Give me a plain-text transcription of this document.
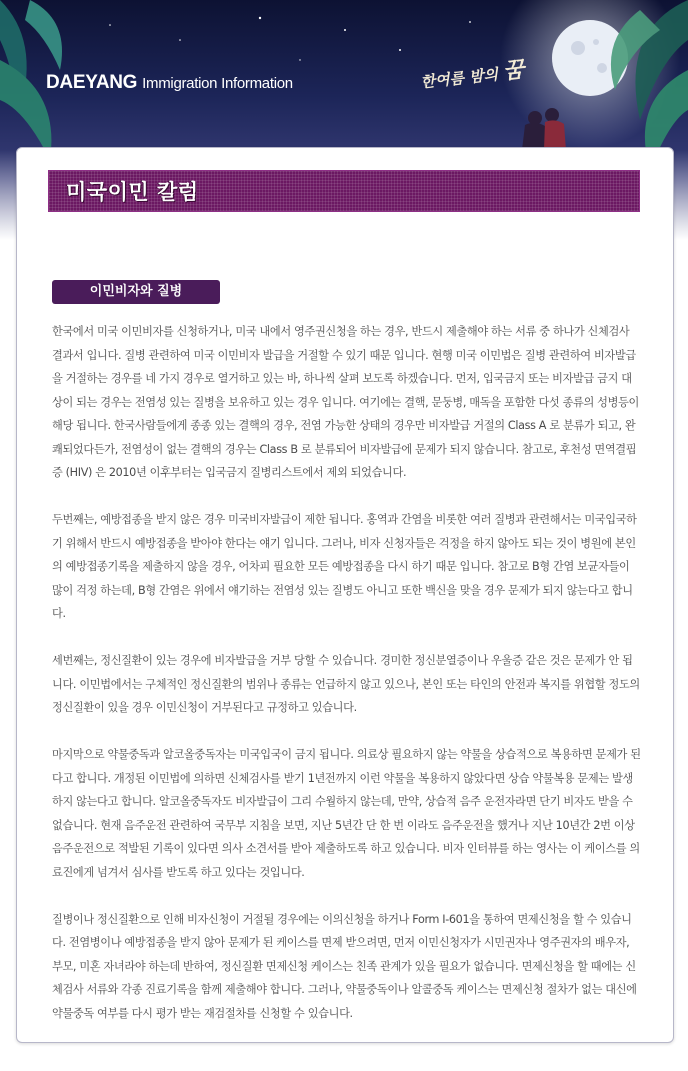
DAEYANG Immigration Information	한여름 밤의 꿈
미국이민 칼럼
이민비자와 질병

한국에서 미국 이민비자를 신청하거나, 미국 내에서 영주권신청을 하는 경우, 반드시 제출해야 하는 서류 중 하나가 신체검사 결과서 입니다. 질병 관련하여 미국 이민비자 발급을 거절할 수 있기 때문 입니다. 현행 미국 이민법은 질병 관련하여 비자발급을 거절하는 경우를 네 가지 경우로 열거하고 있는 바, 하나씩 살펴 보도록 하겠습니다. 먼저, 입국금지 또는 비자발급 금지 대상이 되는 경우는 전염성 있는 질병을 보유하고 있는 경우 입니다. 여기에는 결핵, 문둥병, 매독을 포함한 다섯 종류의 성병등이 해당 됩니다. 한국사람들에게 종종 있는 결핵의 경우, 전염 가능한 상태의 경우만 비자발급 거절의 Class A 로 분류가 되고, 완쾌되었다든가, 전염성이 없는 결핵의 경우는 Class B 로 분류되어 비자발급에 문제가 되지 않습니다. 참고로, 후천성 면역결핍증 (HIV) 은 2010년 이후부터는 입국금지 질병리스트에서 제외 되었습니다.

두번째는, 예방접종을 받지 않은 경우 미국비자발급이 제한 됩니다. 홍역과 간염을 비롯한 여러 질병과 관련해서는 미국입국하기 위해서 반드시 예방접종을 받아야 한다는 얘기 입니다. 그러나, 비자 신청자들은 걱정을 하지 않아도 되는 것이 병원에 본인의 예방접종기록을 제출하지 않을 경우, 어차피 필요한 모든 예방접종을 다시 하기 때문 입니다. 참고로 B형 간염 보균자들이 많이 걱정 하는데, B형 간염은 위에서 얘기하는 전염성 있는 질병도 아니고 또한 백신을 맞을 경우 문제가 되지 않는다고 합니다.

세번째는, 정신질환이 있는 경우에 비자발급을 거부 당할 수 있습니다. 경미한 정신분열증이나 우울증 같은 것은 문제가 안 됩니다. 이민법에서는 구체적인 정신질환의 범위나 종류는 언급하지 않고 있으나, 본인 또는 타인의 안전과 복지를 위협할 정도의 정신질환이 있을 경우 이민신청이 거부된다고 규정하고 있습니다.

마지막으로 약물중독과 알코올중독자는 미국입국이 금지 됩니다. 의료상 필요하지 않는 약물을 상습적으로 복용하면 문제가 된다고 합니다. 개정된 이민법에 의하면 신체검사를 받기 1년전까지 이런 약물을 복용하지 않았다면 상습 약물복용 문제는 발생하지 않는다고 합니다. 알코올중독자도 비자발급이 그리 수월하지 않는데, 만약, 상습적 음주 운전자라면 단기 비자도 받을 수 없습니다. 현재 음주운전 관련하여 국무부 지침을 보면, 지난 5년간 단 한 번 이라도 음주운전을 했거나 지난 10년간 2번 이상 음주운전으로 적발된 기록이 있다면 의사 소견서를 받아 제출하도록 하고 있습니다. 비자 인터뷰를 하는 영사는 이 케이스를 의료진에게 넘겨서 심사를 받도록 하고 있다는 것입니다.

질병이나 정신질환으로 인해 비자신청이 거절될 경우에는 이의신청을 하거나 Form I-601을 통하여 면제신청을 할 수 있습니다. 전염병이나 예방접종을 받지 않아 문제가 된 케이스를 면제 받으려면, 먼저 이민신청자가 시민권자나 영주권자의 배우자, 부모, 미혼 자녀라야 하는데 반하여, 정신질환 면제신청 케이스는 친족 관계가 있을 필요가 없습니다. 면제신청을 할 때에는 신체검사 서류와 각종 진료기록을 함께 제출해야 합니다. 그러나, 약물중독이나 알콜중독 케이스는 면제신청 절차가 없는 대신에 약물중독 여부를 다시 평가 받는 재검절차를 신청할 수 있습니다.
